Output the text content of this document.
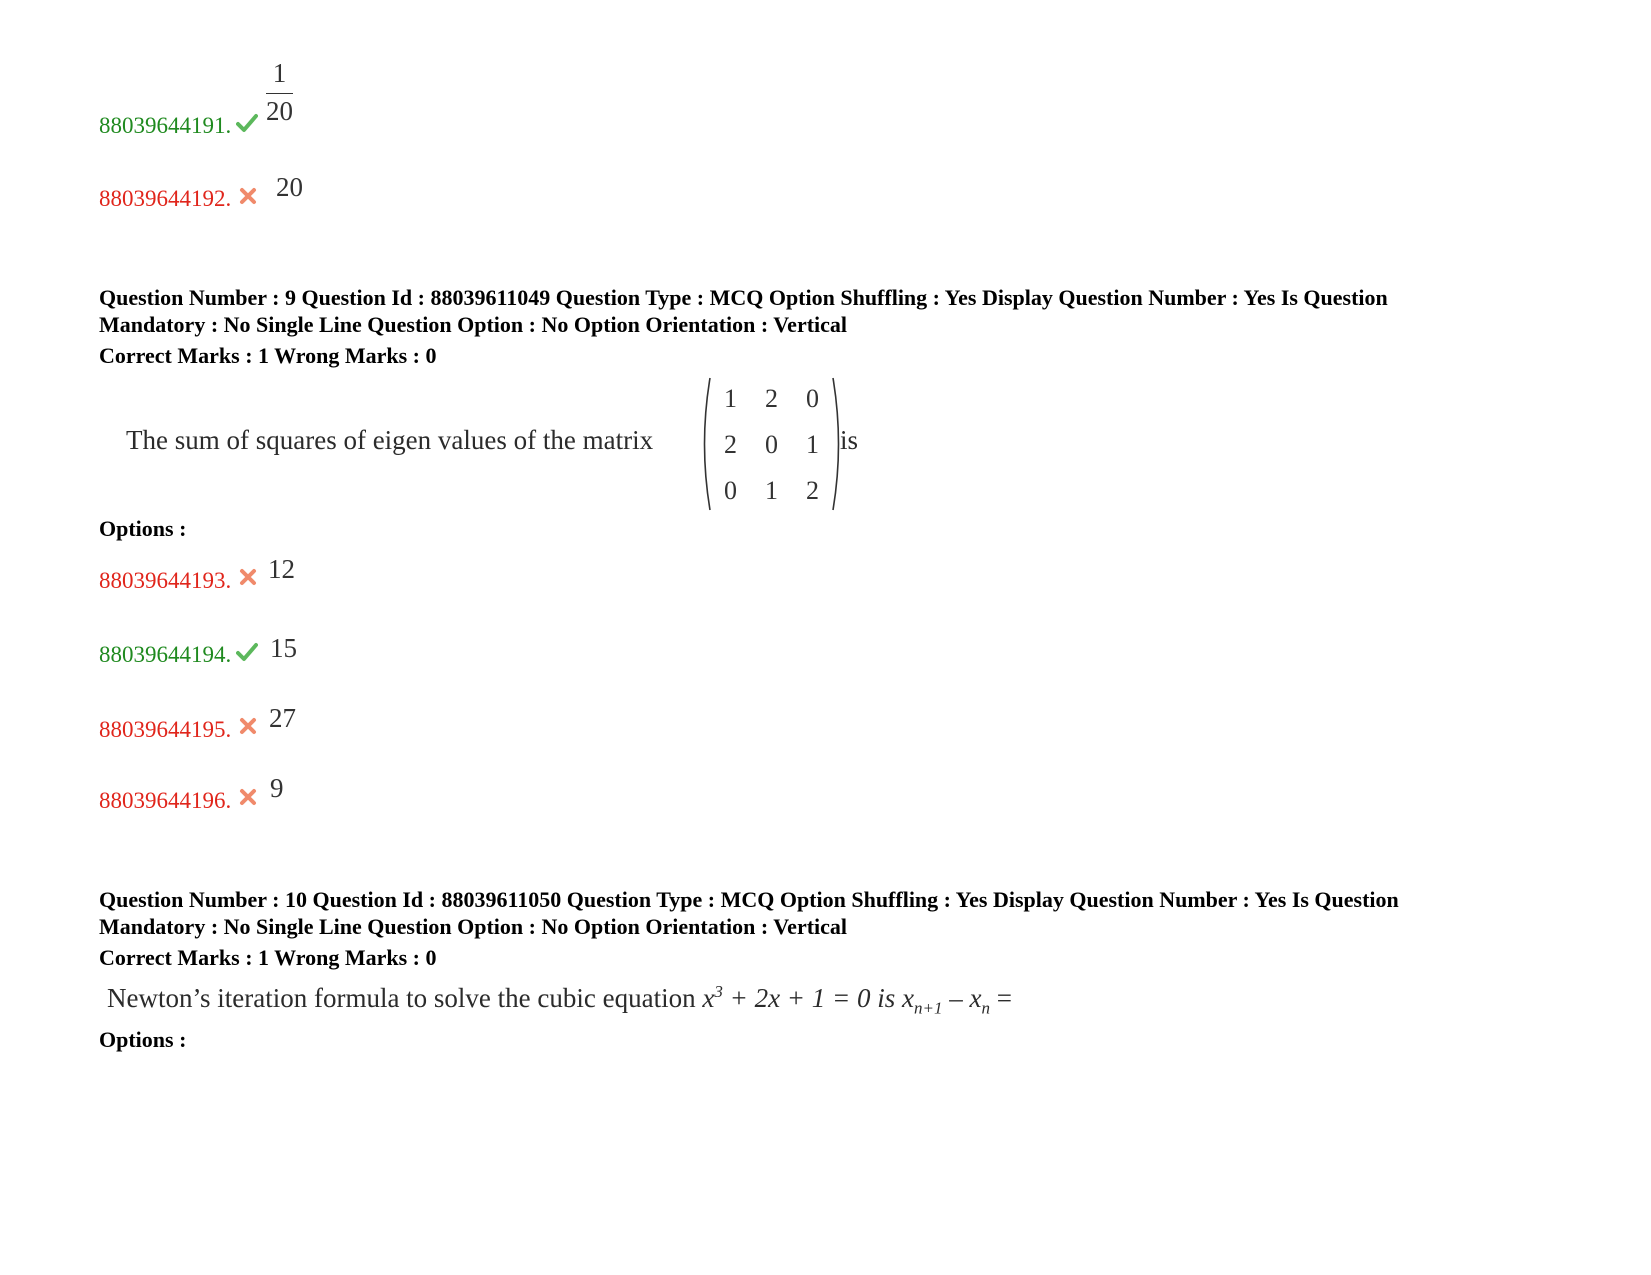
88039644191. $\frac{1}{20}$
88039644192. 20
Question Number : 9 Question Id : 88039611049 Question Type : MCQ Option Shuffling : Yes Display Question Number : Yes Is Question
Mandatory : No Single Line Question Option : No Option Orientation : Vertical
Correct Marks : 1 Wrong Marks : 0
The sum of squares of eigen values of the matrix
1 2 0
2 0 1
0 1 2
is
Options :
88039644193. 12
88039644194. 15
88039644195. 27
88039644196. 9
Question Number : 10 Question Id : 88039611050 Question Type : MCQ Option Shuffling : Yes Display Question Number : Yes Is Question
Mandatory : No Single Line Question Option : No Option Orientation : Vertical
Correct Marks : 1 Wrong Marks : 0
Newton’s iteration formula to solve the cubic equation $x^3 + 2x + 1 = 0$ is $x_{n+1} - x_n$ =
Options :
